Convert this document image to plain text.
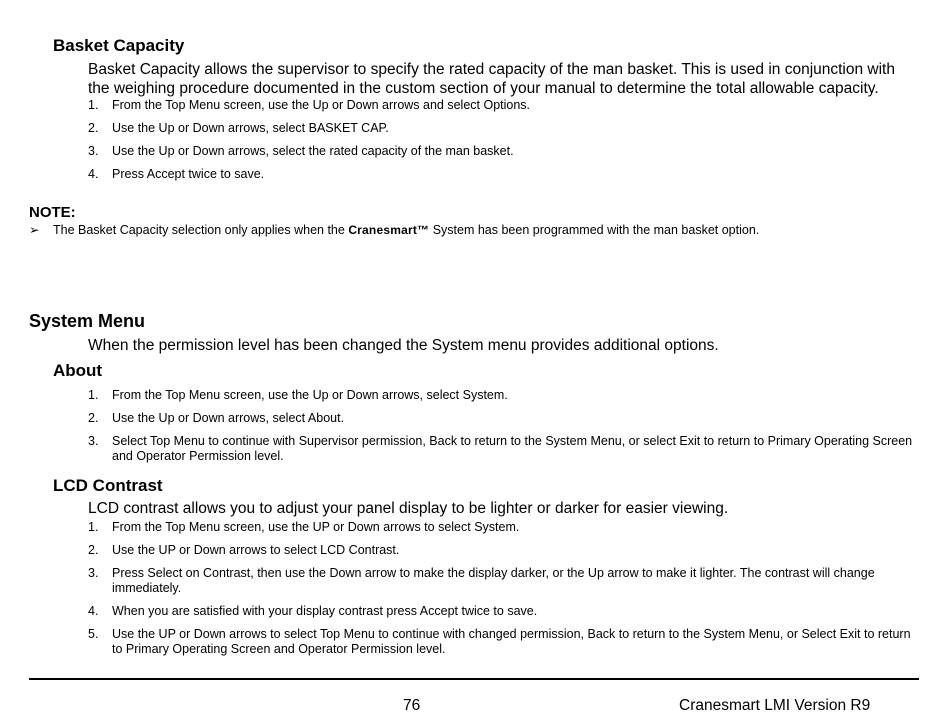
Basket Capacity
Basket Capacity allows the supervisor to specify the rated capacity of the man basket. This is used in conjunction with the weighing procedure documented in the custom section of your manual to determine the total allowable capacity.
1. From the Top Menu screen, use the Up or Down arrows and select Options.
2. Use the Up or Down arrows, select BASKET CAP.
3. Use the Up or Down arrows, select the rated capacity of the man basket.
4. Press Accept twice to save.
NOTE:
➢ The Basket Capacity selection only applies when the Cranesmart™ System has been programmed with the man basket option.
System Menu
When the permission level has been changed the System menu provides additional options.
About
1. From the Top Menu screen, use the Up or Down arrows, select System.
2. Use the Up or Down arrows, select About.
3. Select Top Menu to continue with Supervisor permission, Back to return to the System Menu, or select Exit to return to Primary Operating Screen and Operator Permission level.
LCD Contrast
LCD contrast allows you to adjust your panel display to be lighter or darker for easier viewing.
1. From the Top Menu screen, use the UP or Down arrows to select System.
2. Use the UP or Down arrows to select LCD Contrast.
3. Press Select on Contrast, then use the Down arrow to make the display darker, or the Up arrow to make it lighter. The contrast will change immediately.
4. When you are satisfied with your display contrast press Accept twice to save.
5. Use the UP or Down arrows to select Top Menu to continue with changed permission, Back to return to the System Menu, or Select Exit to return to Primary Operating Screen and Operator Permission level.
76	Cranesmart LMI Version R9
